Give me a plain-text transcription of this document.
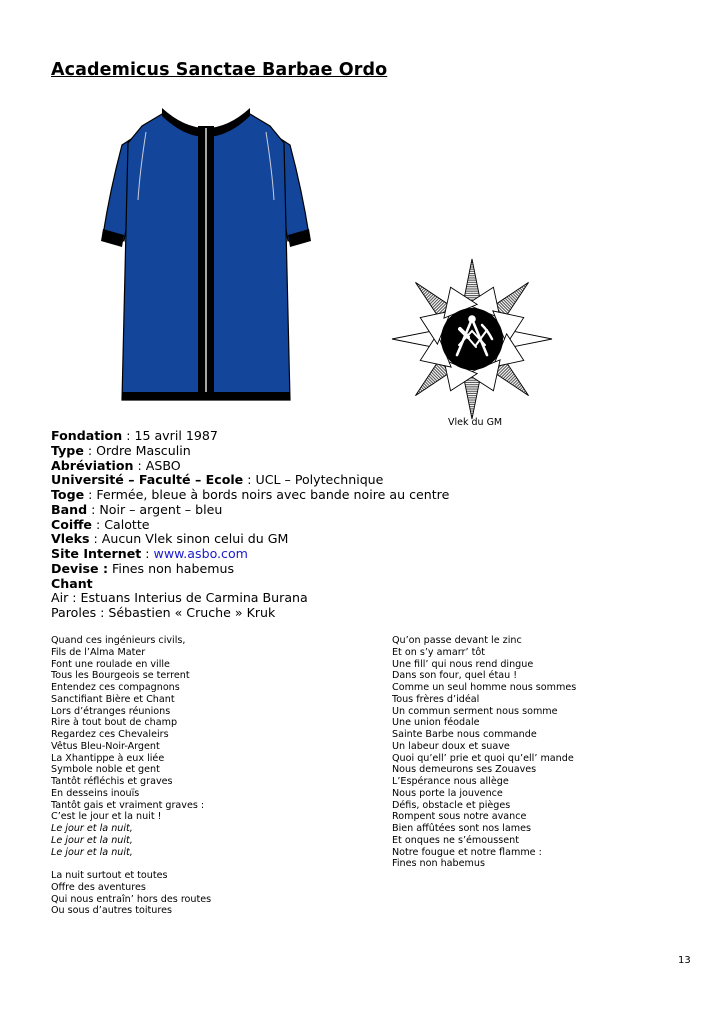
Academicus Sanctae Barbae Ordo
Vlek du GM
Fondation : 15 avril 1987
Type : Ordre Masculin
Abréviation : ASBO
Université – Faculté – Ecole : UCL – Polytechnique
Toge : Fermée, bleue à bords noirs avec bande noire au centre
Band : Noir – argent – bleu
Coiffe : Calotte
Vleks : Aucun Vlek sinon celui du GM
Site Internet : www.asbo.com
Devise : Fines non habemus
Chant
Air : Estuans Interius de Carmina Burana
Paroles : Sébastien « Cruche » Kruk
Quand ces ingénieurs civils,
Fils de l’Alma Mater
Font une roulade en ville
Tous les Bourgeois se terrent
Entendez ces compagnons
Sanctifiant Bière et Chant
Lors d’étranges réunions
Rire à tout bout de champ
Regardez ces Chevaleirs
Vêtus Bleu-Noir-Argent
La Xhantippe à eux liée
Symbole noble et gent
Tantôt réfléchis et graves
En desseins inouïs
Tantôt gais et vraiment graves :
C’est le jour et la nuit !
Le jour et la nuit,
Le jour et la nuit,
Le jour et la nuit,
La nuit surtout et toutes
Offre des aventures
Qui nous entraîn’ hors des routes
Ou sous d’autres toitures
Qu’on passe devant le zinc
Et on s’y amarr’ tôt
Une fill’ qui nous rend dingue
Dans son four, quel étau !
Comme un seul homme nous sommes
Tous frères d’idéal
Un commun serment nous somme
Une union féodale
Sainte Barbe nous commande
Un labeur doux et suave
Quoi qu’ell’ prie et quoi qu’ell’ mande
Nous demeurons ses Zouaves
L’Espérance nous allège
Nous porte la jouvence
Défis, obstacle et pièges
Rompent sous notre avance
Bien affûtées sont nos lames
Et onques ne s’émoussent
Notre fougue et notre flamme :
Fines non habemus
13
